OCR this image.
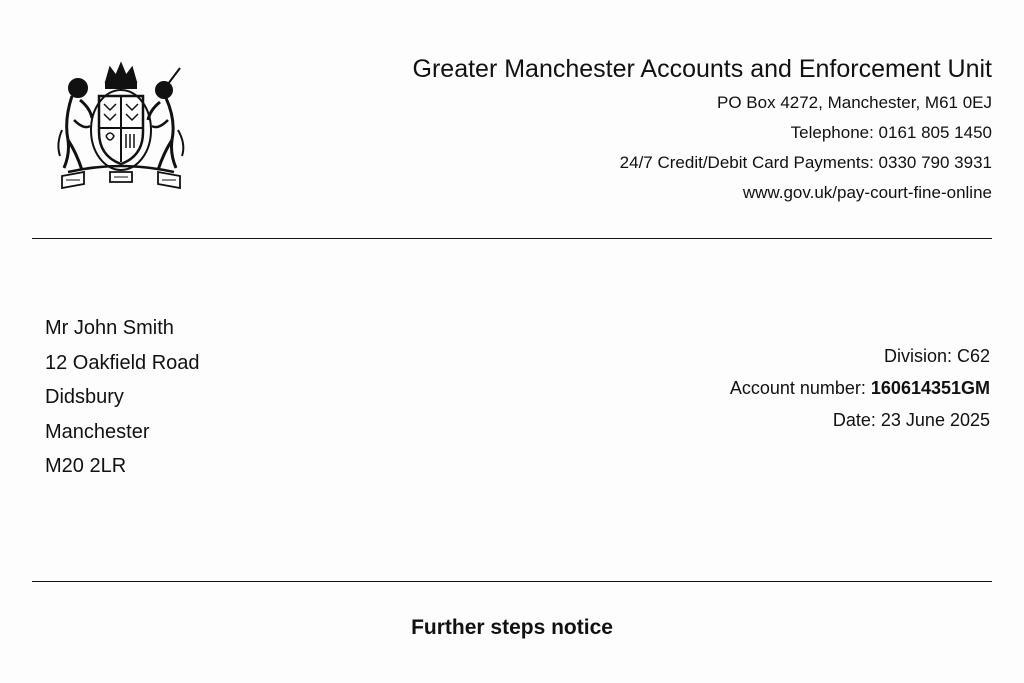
Greater Manchester Accounts and Enforcement Unit
PO Box 4272, Manchester, M61 0EJ
Telephone: 0161 805 1450
24/7 Credit/Debit Card Payments: 0330 790 3931
www.gov.uk/pay-court-fine-online
Mr John Smith
12 Oakfield Road
Didsbury
Manchester
M20 2LR
Division: C62
Account number: 160614351GM
Date: 23 June 2025
Further steps notice
